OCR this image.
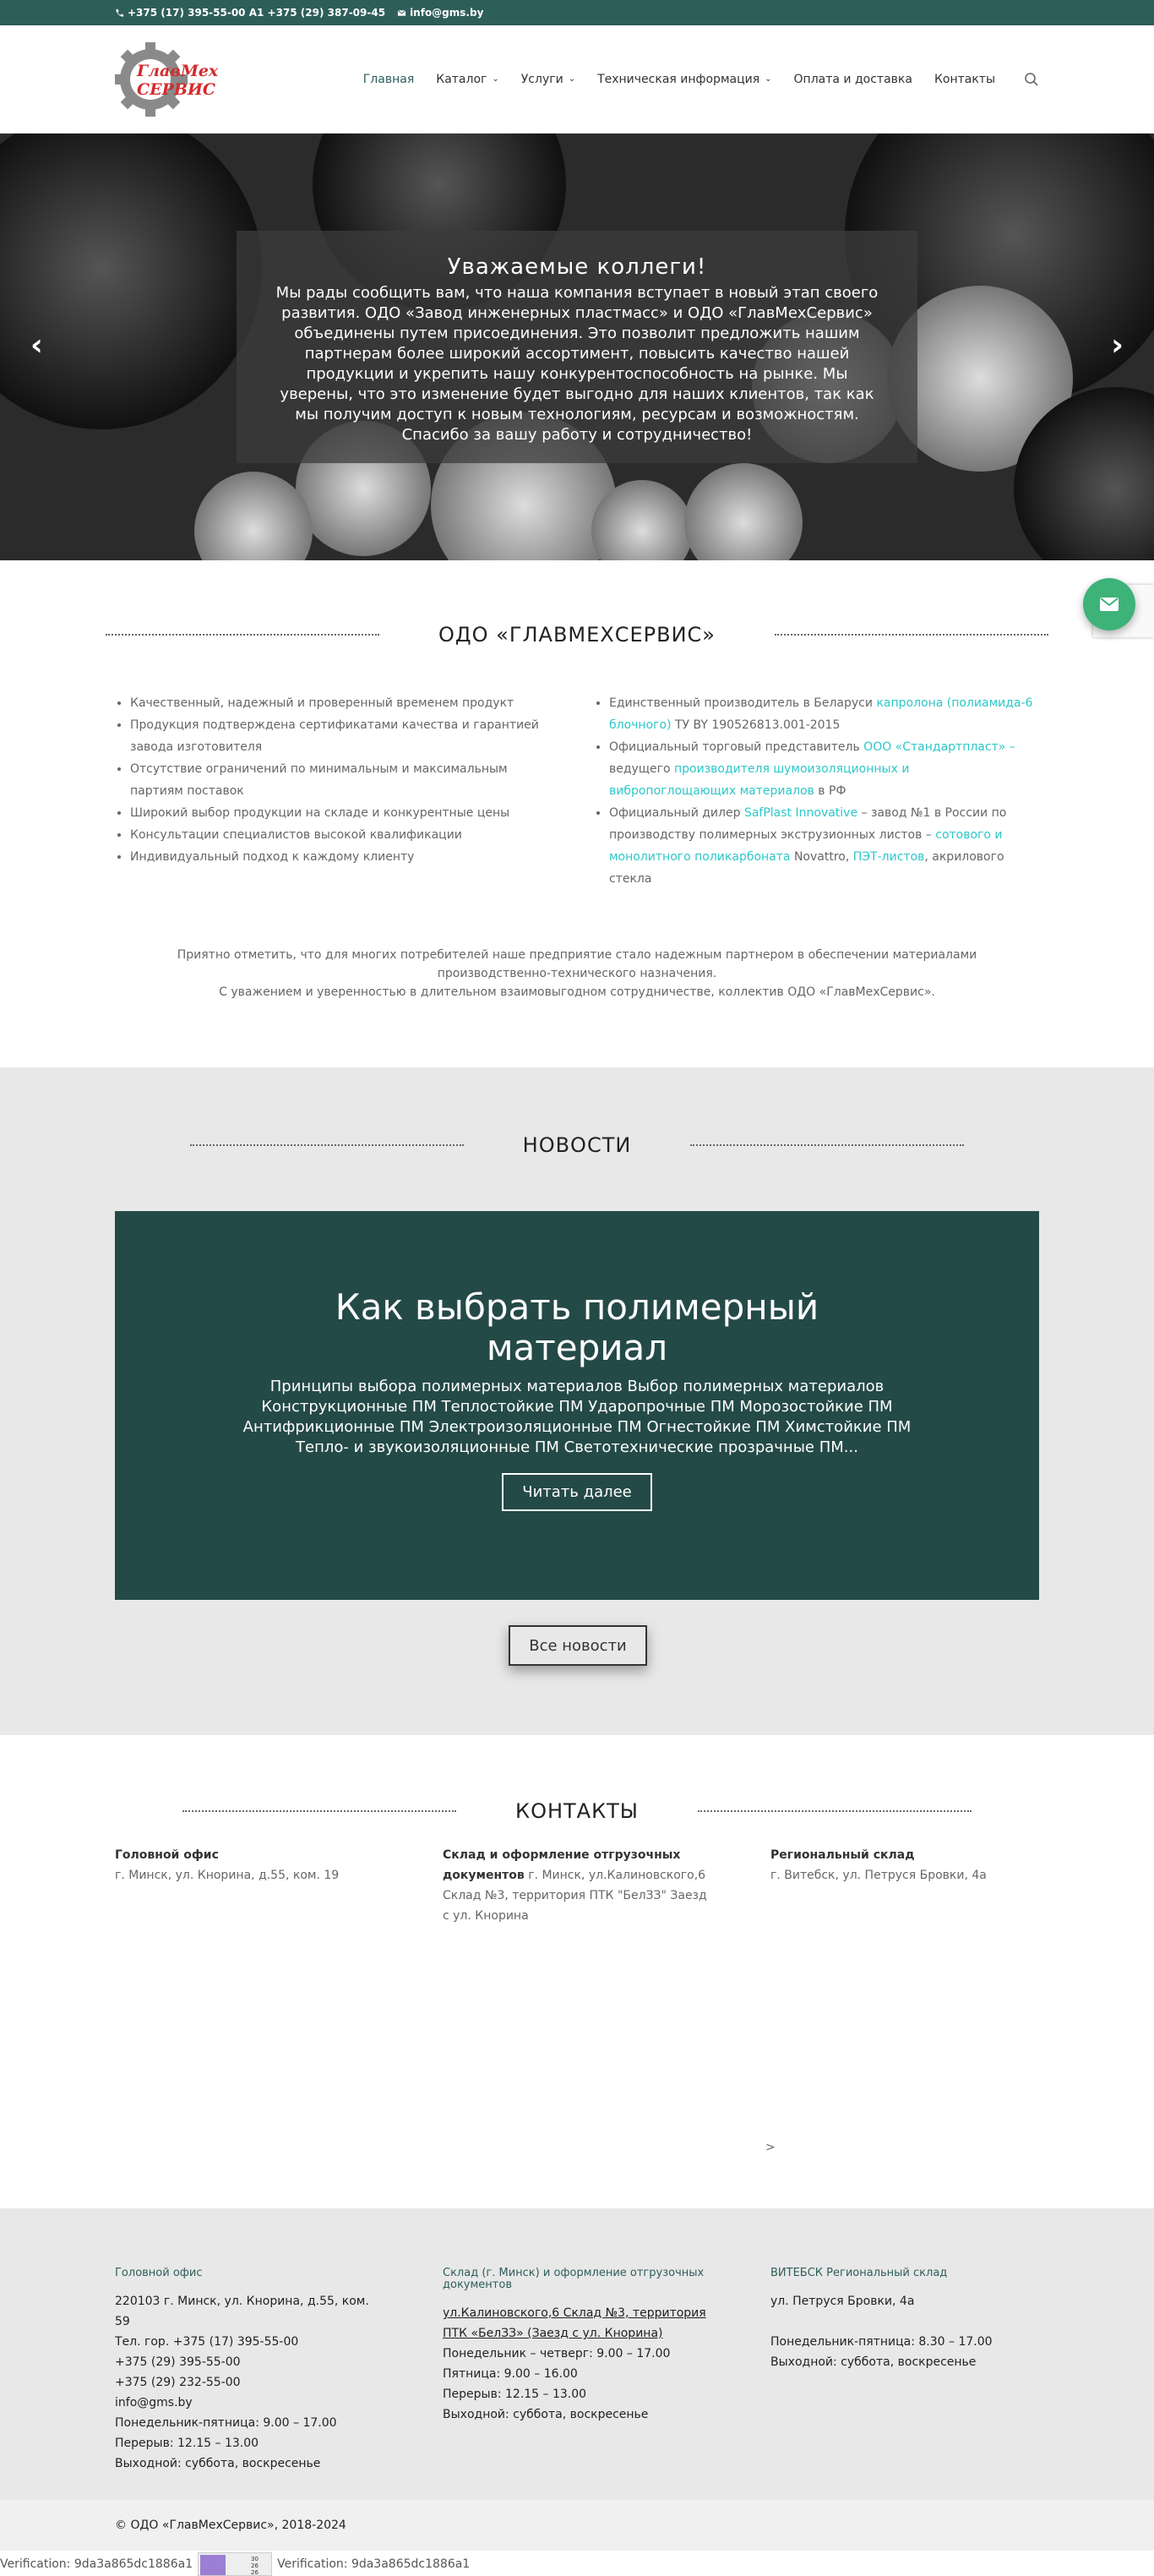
+375 (17) 395-55-00 A1 +375 (29) 387-09-45 info@gms.by
ГлавМех
СЕРВИС
Главная Каталог ⌄ Услуги ⌄ Техническая информация ⌄ Оплата и доставка Контакты
Уважаемые коллеги!
Мы рады сообщить вам, что наша компания вступает в новый этап своего развития. ОДО «Завод инженерных пластмасс» и ОДО «ГлавМехСервис» объединены путем присоединения. Это позволит предложить нашим партнерам более широкий ассортимент, повысить качество нашей продукции и укрепить нашу конкурентоспособность на рынке. Мы уверены, что это изменение будет выгодно для наших клиентов, так как мы получим доступ к новым технологиям, ресурсам и возможностям. Спасибо за вашу работу и сотрудничество!
‹	›
ОДО «ГЛАВМЕХСЕРВИС»
• Качественный, надежный и проверенный временем продукт
• Продукция подтверждена сертификатами качества и гарантией завода изготовителя
• Отсутствие ограничений по минимальным и максимальным партиям поставок
• Широкий выбор продукции на складе и конкурентные цены
• Консультации специалистов высокой квалификации
• Индивидуальный подход к каждому клиенту
• Единственный производитель в Беларуси капролона (полиамида-6 блочного) ТУ BY 190526813.001-2015
• Официальный торговый представитель ООО «Стандартпласт» – ведущего производителя шумоизоляционных и вибропоглощающих материалов в РФ
• Официальный дилер SafPlast Innovative – завод №1 в России по производству полимерных экструзионных листов – сотового и монолитного поликарбоната Novattro, ПЭТ-листов, акрилового стекла
Приятно отметить, что для многих потребителей наше предприятие стало надежным партнером в обеспечении материалами производственно-технического назначения.
С уважением и уверенностью в длительном взаимовыгодном сотрудничестве, коллектив ОДО «ГлавМехСервис».
НОВОСТИ
Как выбрать полимерный материал
Принципы выбора полимерных материалов Выбор полимерных материалов Конструкционные ПМ Теплостойкие ПМ Ударопрочные ПМ Морозостойкие ПМ Антифрикционные ПМ Электроизоляционные ПМ Огнестойкие ПМ Химстойкие ПМ Тепло- и звукоизоляционные ПМ Светотехнические прозрачные ПМ...
Читать далее
Все новости
КОНТАКТЫ
Головной офис
г. Минск, ул. Кнорина, д.55, ком. 19
Склад и оформление отгрузочных документов г. Минск, ул.Калиновского,6 Склад №3, территория ПТК "БелЗЗ" Заезд с ул. Кнорина
Региональный склад
г. Витебск, ул. Петруся Бровки, 4а
>
Головной офис
220103 г. Минск, ул. Кнорина, д.55, ком. 59
Тел. гор. +375 (17) 395-55-00
+375 (29) 395-55-00
+375 (29) 232-55-00
info@gms.by
Понедельник-пятница: 9.00 – 17.00
Перерыв: 12.15 – 13.00
Выходной: суббота, воскресенье
Склад (г. Минск) и оформление отгрузочных документов
ул.Калиновского,6 Склад №3, территория ПТК «БелЗЗ» (Заезд с ул. Кнорина)
Понедельник – четверг: 9.00 – 17.00
Пятница: 9.00 – 16.00
Перерыв: 12.15 – 13.00
Выходной: суббота, воскресенье
ВИТЕБСК Региональный склад
ул. Петруся Бровки, 4а
Понедельник-пятница: 8.30 – 17.00
Выходной: суббота, воскресенье
© ОДО «ГлавМехСервис», 2018-2024
Verification: 9da3a865dc1886a1	30
26
26
Verification: 9da3a865dc1886a1
